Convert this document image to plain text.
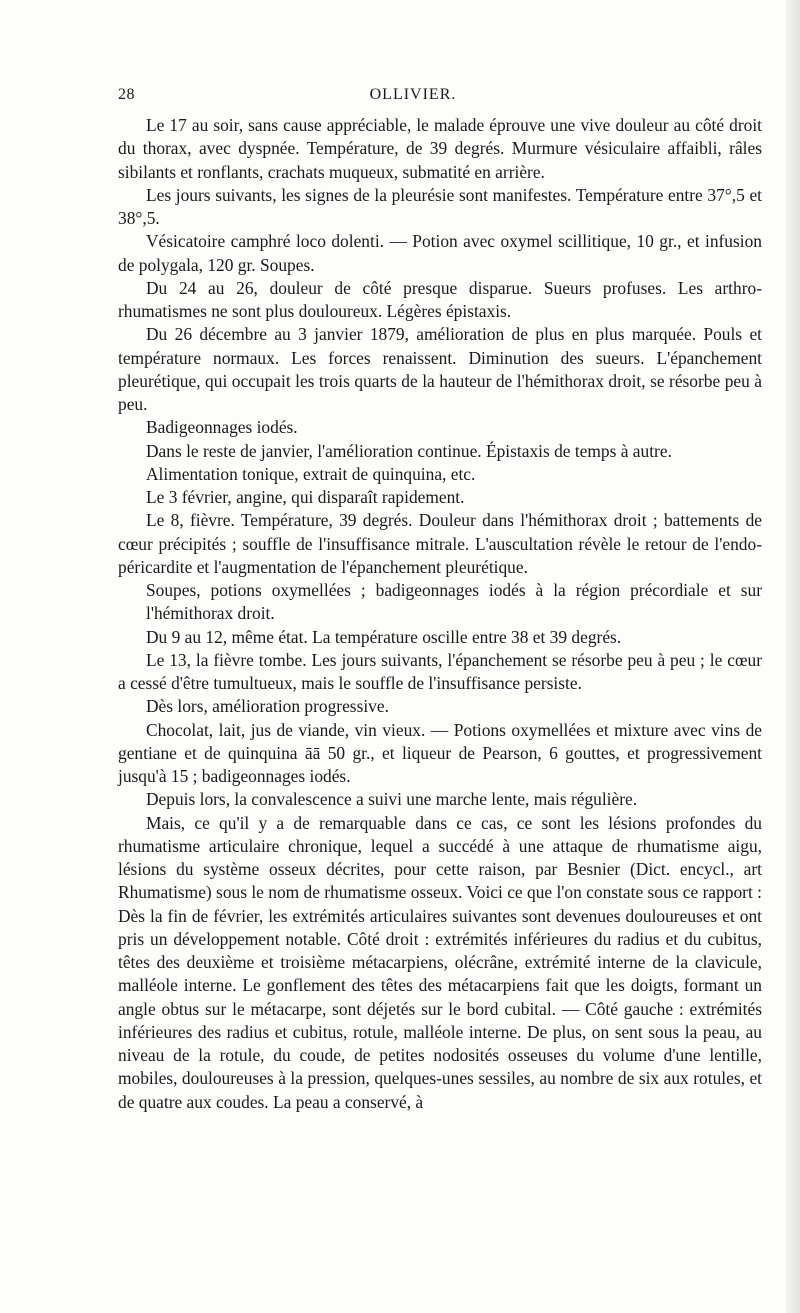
28	OLLIVIER.

Le 17 au soir, sans cause appréciable, le malade éprouve une vive douleur au côté droit du thorax, avec dyspnée. Température, de 39 degrés. Murmure vésiculaire affaibli, râles sibilants et ronflants, crachats muqueux, submatité en arrière.

Les jours suivants, les signes de la pleurésie sont manifestes. Température entre 37°,5 et 38°,5.

Vésicatoire camphré loco dolenti. — Potion avec oxymel scillitique, 10 gr., et infusion de polygala, 120 gr. Soupes.

Du 24 au 26, douleur de côté presque disparue. Sueurs profuses. Les arthro-rhumatismes ne sont plus douloureux. Légères épistaxis.

Du 26 décembre au 3 janvier 1879, amélioration de plus en plus marquée. Pouls et température normaux. Les forces renaissent. Diminution des sueurs. L'épanchement pleurétique, qui occupait les trois quarts de la hauteur de l'hémithorax droit, se résorbe peu à peu.

Badigeonnages iodés.

Dans le reste de janvier, l'amélioration continue. Épistaxis de temps à autre.

Alimentation tonique, extrait de quinquina, etc.

Le 3 février, angine, qui disparaît rapidement.

Le 8, fièvre. Température, 39 degrés. Douleur dans l'hémithorax droit ; battements de cœur précipités ; souffle de l'insuffisance mitrale. L'auscultation révèle le retour de l'endo-péricardite et l'augmentation de l'épanchement pleurétique.

Soupes, potions oxymellées ; badigeonnages iodés à la région précordiale et sur l'hémithorax droit.

Du 9 au 12, même état. La température oscille entre 38 et 39 degrés.

Le 13, la fièvre tombe. Les jours suivants, l'épanchement se résorbe peu à peu ; le cœur a cessé d'être tumultueux, mais le souffle de l'insuffisance persiste.

Dès lors, amélioration progressive.

Chocolat, lait, jus de viande, vin vieux. — Potions oxymellées et mixture avec vins de gentiane et de quinquina āā 50 gr., et liqueur de Pearson, 6 gouttes, et progressivement jusqu'à 15 ; badigeonnages iodés.

Depuis lors, la convalescence a suivi une marche lente, mais régulière.

Mais, ce qu'il y a de remarquable dans ce cas, ce sont les lésions profondes du rhumatisme articulaire chronique, lequel a succédé à une attaque de rhumatisme aigu, lésions du système osseux décrites, pour cette raison, par Besnier (Dict. encycl., art Rhumatisme) sous le nom de rhumatisme osseux. Voici ce que l'on constate sous ce rapport : Dès la fin de février, les extrémités articulaires suivantes sont devenues douloureuses et ont pris un développement notable. Côté droit : extrémités inférieures du radius et du cubitus, têtes des deuxième et troisième métacarpiens, olécrâne, extrémité interne de la clavicule, malléole interne. Le gonflement des têtes des métacarpiens fait que les doigts, formant un angle obtus sur le métacarpe, sont déjetés sur le bord cubital. — Côté gauche : extrémités inférieures des radius et cubitus, rotule, malléole interne. De plus, on sent sous la peau, au niveau de la rotule, du coude, de petites nodosités osseuses du volume d'une lentille, mobiles, douloureuses à la pression, quelques-unes sessiles, au nombre de six aux rotules, et de quatre aux coudes. La peau a conservé, à
